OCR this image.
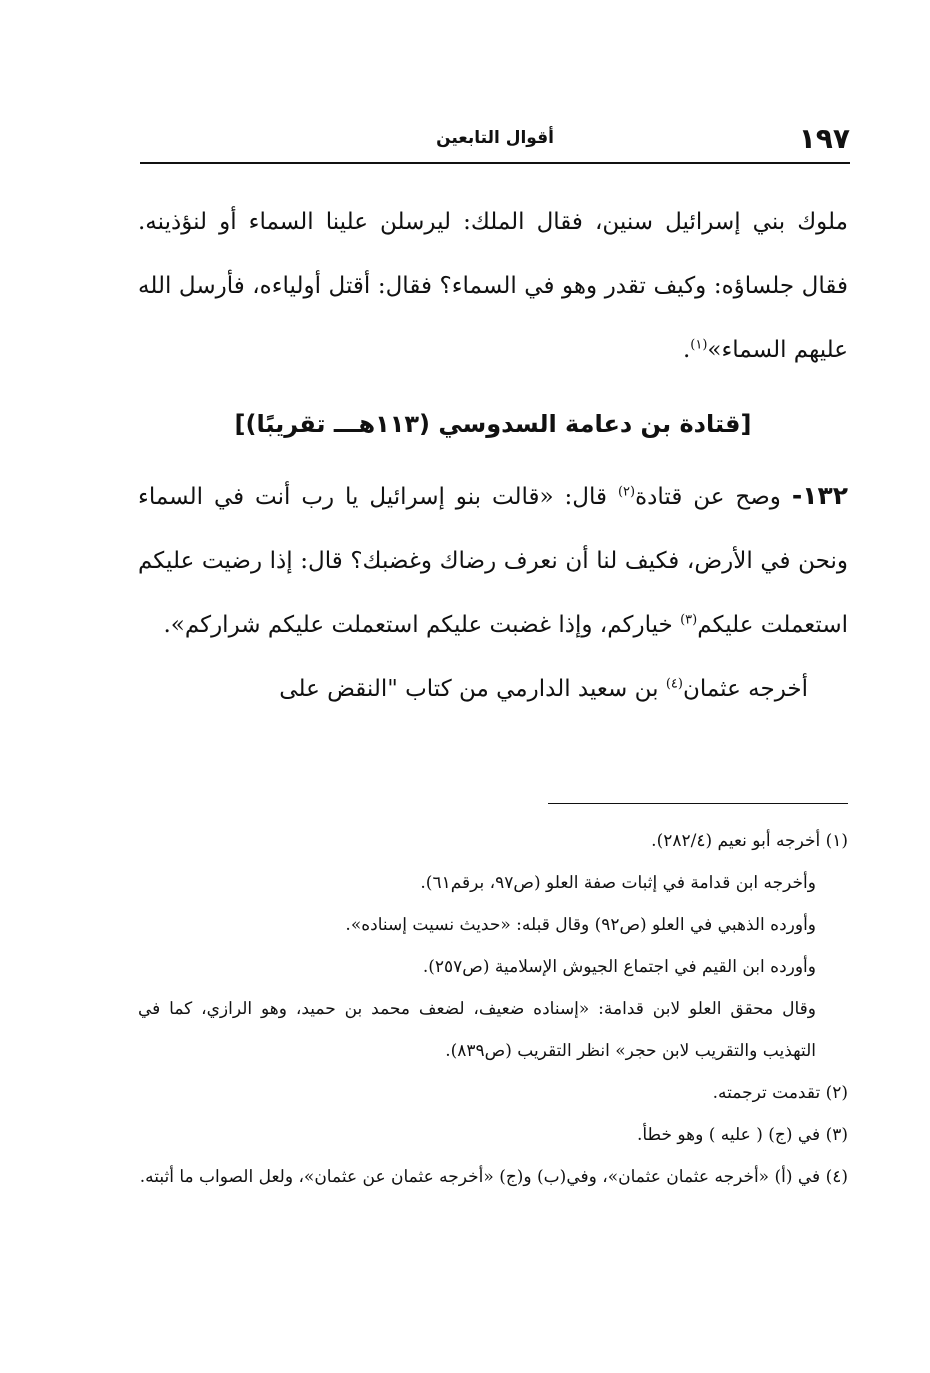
١٩٧
أقوال التابعين

ملوك بني إسرائيل سنين، فقال الملك: ليرسلن علينا السماء أو لنؤذينه. فقال جلساؤه: وكيف تقدر وهو في السماء؟ فقال: أقتل أولياءه، فأرسل الله عليهم السماء»$^{(١)}$.

[قتادة بن دعامة السدوسي (١١٣هـــ تقريبًا)]

١٣٢- وصح عن قتادة$^{(٢)}$ قال: «قالت بنو إسرائيل يا رب أنت في السماء ونحن في الأرض، فكيف لنا أن نعرف رضاك وغضبك؟ قال: إذا رضيت عليكم استعملت عليكم$^{(٣)}$ خياركم، وإذا غضبت عليكم استعملت عليكم شراركم».

أخرجه عثمان$^{(٤)}$ بن سعيد الدارمي من كتاب "النقض على

(١) أخرجه أبو نعيم (٢٨٢/٤).

وأخرجه ابن قدامة في إثبات صفة العلو (ص٩٧، برقم٦١).

وأورده الذهبي في العلو (ص٩٢) وقال قبله: «حديث نسيت إسناده».

وأورده ابن القيم في اجتماع الجيوش الإسلامية (ص٢٥٧).

وقال محقق العلو لابن قدامة: «إسناده ضعيف، لضعف محمد بن حميد، وهو الرازي، كما في التهذيب والتقريب لابن حجر» انظر التقريب (ص٨٣٩).

(٢) تقدمت ترجمته.

(٣) في (ج) ( عليه ) وهو خطأ.

(٤) في (أ) «أخرجه عثمان عثمان»، وفي(ب) و(ج) «أخرجه عثمان عن عثمان»، ولعل الصواب ما أثبته.
